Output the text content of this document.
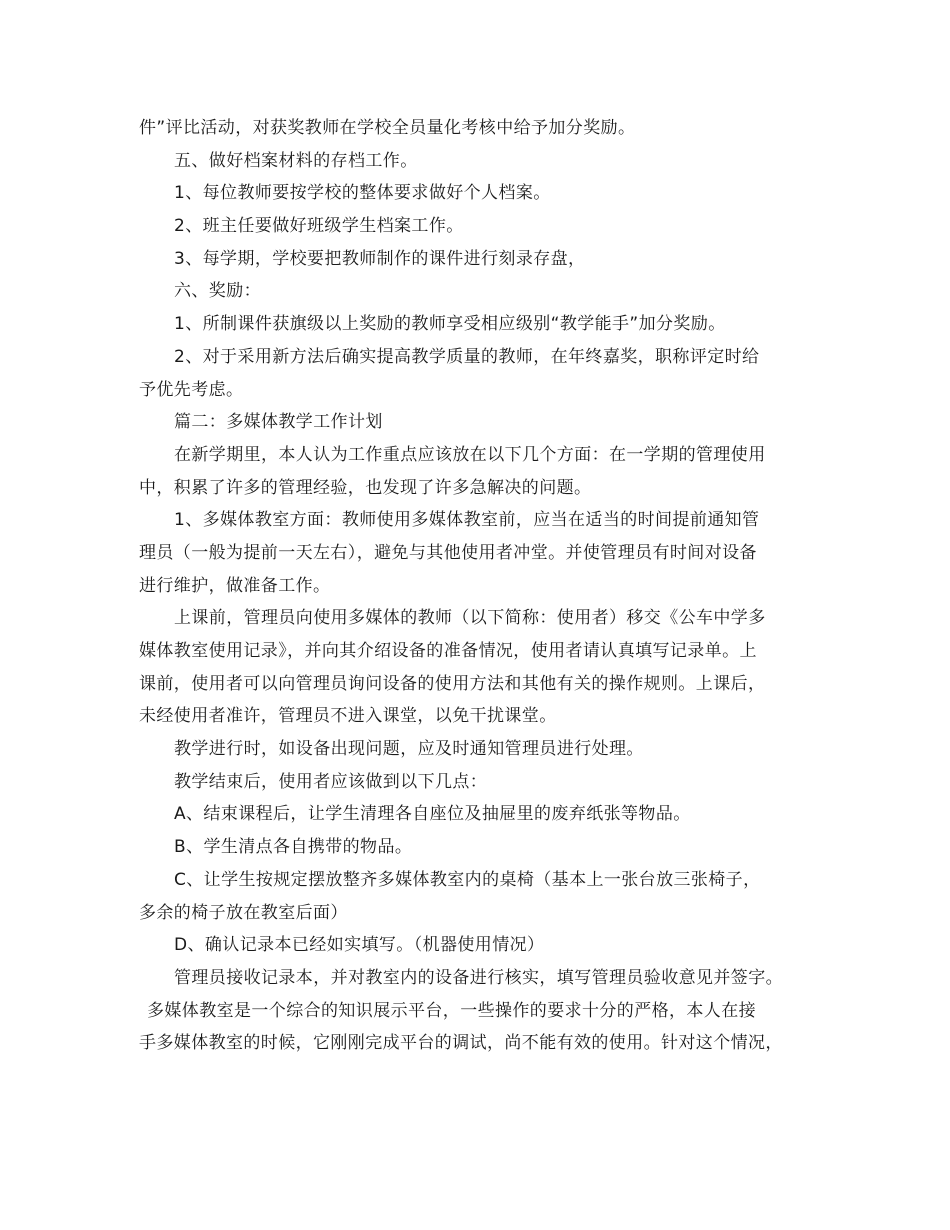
件”评比活动，对获奖教师在学校全员量化考核中给予加分奖励。
五、做好档案材料的存档工作。
1、每位教师要按学校的整体要求做好个人档案。
2、班主任要做好班级学生档案工作。
3、每学期，学校要把教师制作的课件进行刻录存盘，
六、奖励：
1、所制课件获旗级以上奖励的教师享受相应级别“教学能手”加分奖励。
2、对于采用新方法后确实提高教学质量的教师，在年终嘉奖，职称评定时给
予优先考虑。
篇二：多媒体教学工作计划
在新学期里，本人认为工作重点应该放在以下几个方面：在一学期的管理使用
中，积累了许多的管理经验，也发现了许多急解决的问题。
1、多媒体教室方面：教师使用多媒体教室前，应当在适当的时间提前通知管
理员（一般为提前一天左右），避免与其他使用者冲堂。并使管理员有时间对设备
进行维护，做准备工作。
上课前，管理员向使用多媒体的教师（以下简称：使用者）移交《公车中学多
媒体教室使用记录》，并向其介绍设备的准备情况，使用者请认真填写记录单。上
课前，使用者可以向管理员询问设备的使用方法和其他有关的操作规则。上课后，
未经使用者准许，管理员不进入课堂，以免干扰课堂。
教学进行时，如设备出现问题，应及时通知管理员进行处理。
教学结束后，使用者应该做到以下几点：
A、结束课程后，让学生清理各自座位及抽屉里的废弃纸张等物品。
B、学生清点各自携带的物品。
C、让学生按规定摆放整齐多媒体教室内的桌椅（基本上一张台放三张椅子，
多余的椅子放在教室后面）
D、确认记录本已经如实填写。（机器使用情况）
管理员接收记录本，并对教室内的设备进行核实，填写管理员验收意见并签字。
多媒体教室是一个综合的知识展示平台，一些操作的要求十分的严格，本人在接
手多媒体教室的时候，它刚刚完成平台的调试，尚不能有效的使用。针对这个情况，
